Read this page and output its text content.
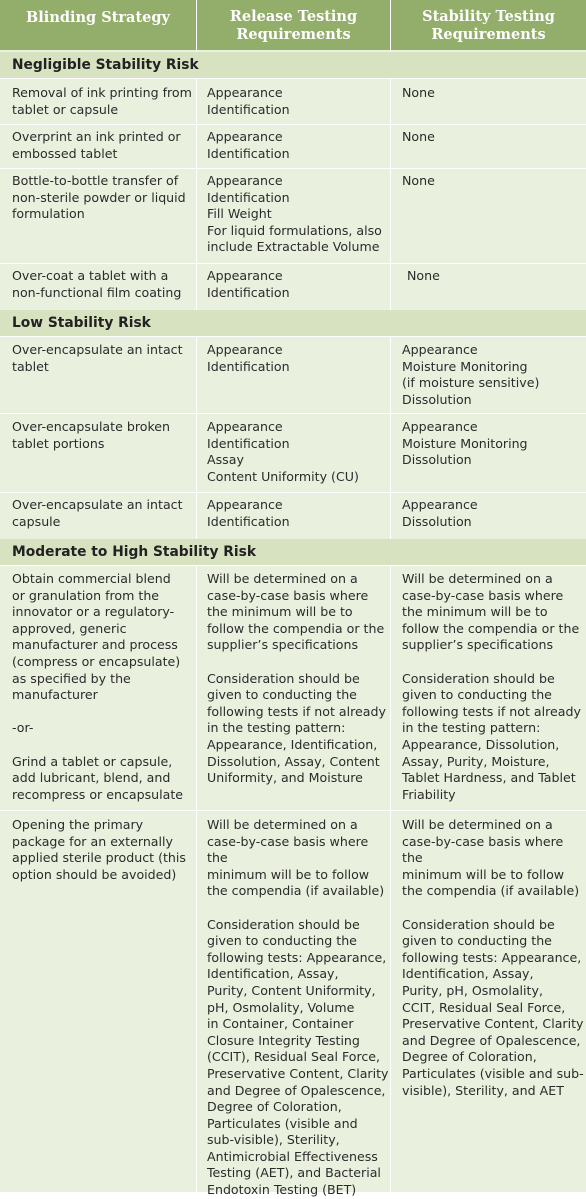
Blinding Strategy	Release Testing
Requirements
Stability Testing
Requirements
Negligible Stability Risk
Removal of ink printing from
tablet or capsule
Appearance
Identification
None
Overprint an ink printed or
embossed tablet
Appearance
Identification
None
Bottle-to-bottle transfer of
non-sterile powder or liquid
formulation
Appearance
Identification
Fill Weight
For liquid formulations, also
include Extractable Volume
None
Over-coat a tablet with a
non-functional film coating
Appearance
Identification
None
Low Stability Risk
Over-encapsulate an intact
tablet
Appearance
Identification
Appearance
Moisture Monitoring
(if moisture sensitive)
Dissolution
Over-encapsulate broken
tablet portions
Appearance
Identification
Assay
Content Uniformity (CU)
Appearance
Moisture Monitoring
Dissolution
Over-encapsulate an intact
capsule
Appearance
Identification
Appearance
Dissolution
Moderate to High Stability Risk
Obtain commercial blend
or granulation from the
innovator or a regulatory-
approved, generic
manufacturer and process
(compress or encapsulate)
as specified by the
manufacturer

-or-

Grind a tablet or capsule,
add lubricant, blend, and
recompress or encapsulate
Will be determined on a
case-by-case basis where
the minimum will be to
follow the compendia or the
supplier’s specifications

Consideration should be
given to conducting the
following tests if not already
in the testing pattern:
Appearance, Identification,
Dissolution, Assay, Content
Uniformity, and Moisture
Will be determined on a
case-by-case basis where
the minimum will be to
follow the compendia or the
supplier’s specifications

Consideration should be
given to conducting the
following tests if not already
in the testing pattern:
Appearance, Dissolution,
Assay, Purity, Moisture,
Tablet Hardness, and Tablet
Friability
Opening the primary
package for an externally
applied sterile product (this
option should be avoided)
Will be determined on a
case-by-case basis where the
minimum will be to follow
the compendia (if available)

Consideration should be
given to conducting the
following tests: Appearance,
Identification, Assay,
Purity, Content Uniformity,
pH, Osmolality, Volume
in Container, Container
Closure Integrity Testing
(CCIT), Residual Seal Force,
Preservative Content, Clarity
and Degree of Opalescence,
Degree of Coloration,
Particulates (visible and
sub-visible), Sterility,
Antimicrobial Effectiveness
Testing (AET), and Bacterial
Endotoxin Testing (BET)
Will be determined on a
case-by-case basis where the
minimum will be to follow
the compendia (if available)

Consideration should be
given to conducting the
following tests: Appearance,
Identification, Assay,
Purity, pH, Osmolality,
CCIT, Residual Seal Force,
Preservative Content, Clarity
and Degree of Opalescence,
Degree of Coloration,
Particulates (visible and sub-
visible), Sterility, and AET
